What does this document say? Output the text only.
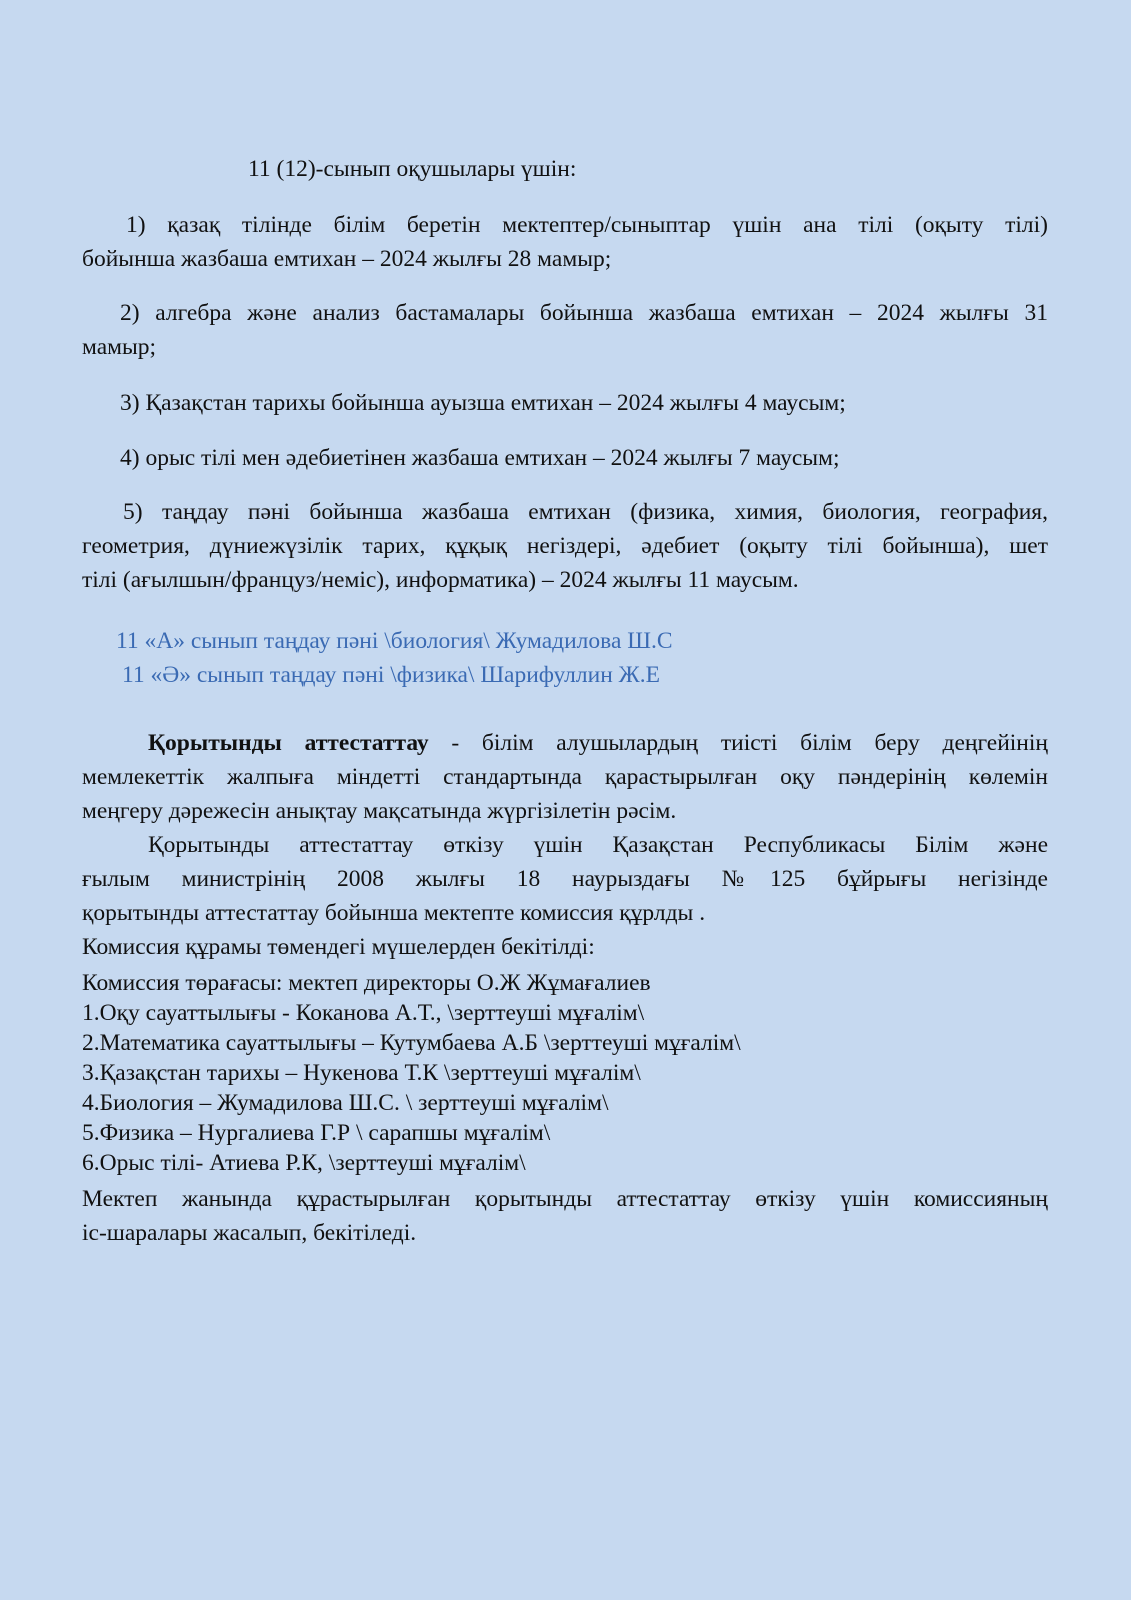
11 (12)-сынып оқушылары үшін:

1) қазақ тілінде білім беретін мектептер/сыныптар үшін ана тілі (оқыту тілі)
бойынша жазбаша емтихан – 2024 жылғы 28 мамыр;

2) алгебра және анализ бастамалары бойынша жазбаша емтихан – 2024 жылғы 31
мамыр;

3) Қазақстан тарихы бойынша ауызша емтихан – 2024 жылғы 4 маусым;

4) орыс тілі мен әдебиетінен жазбаша емтихан – 2024 жылғы 7 маусым;

5) таңдау пәні бойынша жазбаша емтихан (физика, химия, биология, география,
геометрия, дүниежүзілік тарих, құқық негіздері, әдебиет (оқыту тілі бойынша), шет
тілі (ағылшын/француз/неміс), информатика) – 2024 жылғы 11 маусым.

11 «А» сынып таңдау пәні \биология\ Жумадилова Ш.С

11 «Ә» сынып таңдау пәні \физика\ Шарифуллин Ж.Е

Қорытынды аттестаттау - білім алушылардың тиісті білім беру деңгейінің
мемлекеттік жалпыға міндетті стандартында қарастырылған оқу пәндерінің көлемін
меңгеру дәрежесін анықтау мақсатында жүргізілетін рәсім.

Қорытынды аттестаттау өткізу үшін Қазақстан Республикасы Білім және
ғылым министрінің 2008 жылғы 18 наурыздағы №125 бұйрығы негізінде
қорытынды аттестаттау бойынша мектепте комиссия құрлды .

Комиссия құрамы төмендегі мүшелерден бекітілді:

Комиссия төрағасы: мектеп директоры О.Ж Жұмағалиев

1.Оқу сауаттылығы - Коканова А.Т., \зерттеуші мұғалім\

2.Математика сауаттылығы – Кутумбаева А.Б \зерттеуші мұғалім\

3.Қазақстан тарихы – Нукенова Т.К \зерттеуші мұғалім\

4.Биология – Жумадилова Ш.С. \ зерттеуші мұғалім\

5.Физика – Нургалиева Г.Р \ сарапшы мұғалім\

6.Орыс тілі- Атиева Р.К, \зерттеуші мұғалім\

Мектеп жанында құрастырылған қорытынды аттестаттау өткізу үшін комиссияның
іс-шаралары жасалып, бекітіледі.
